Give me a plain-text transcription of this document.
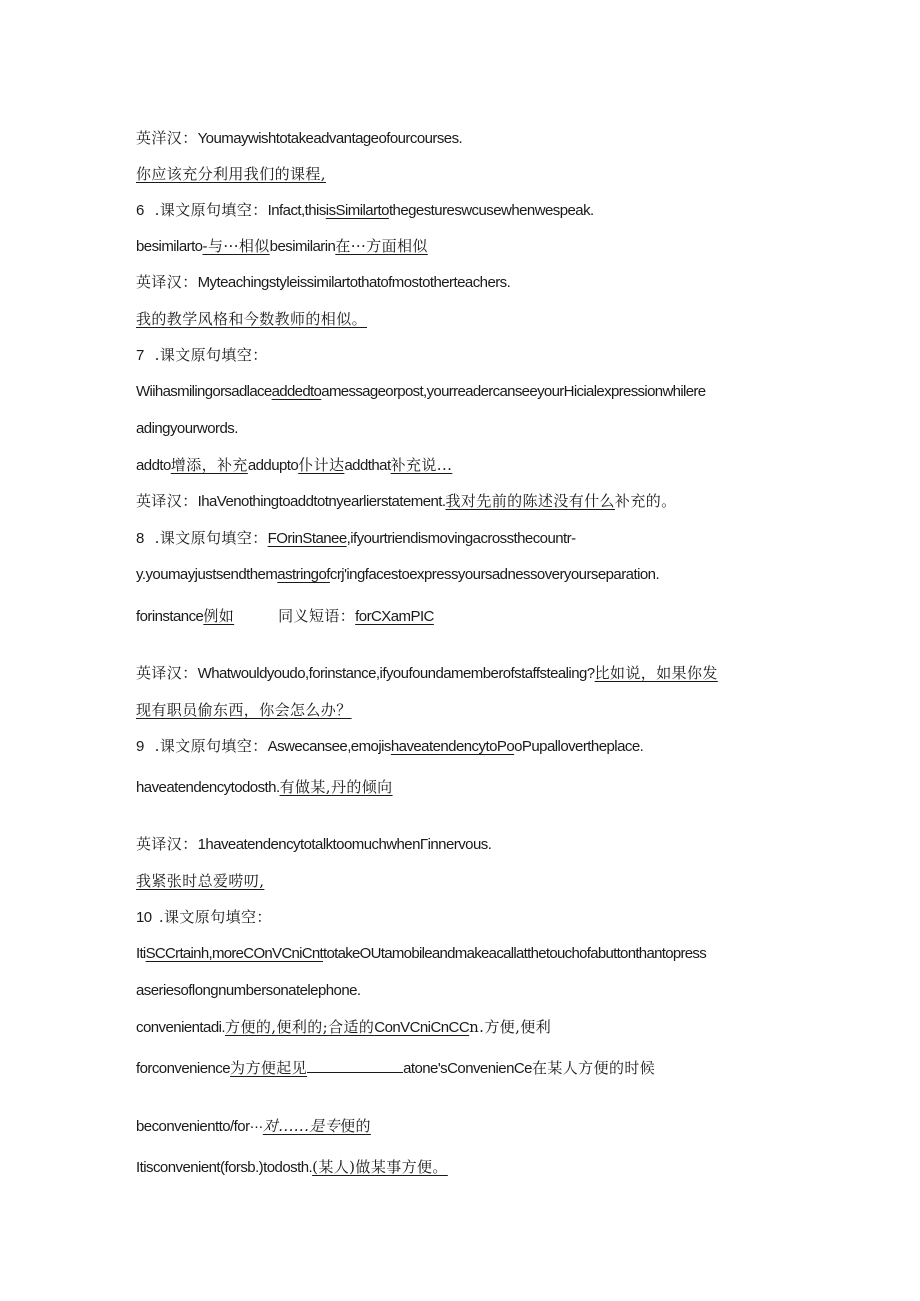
英洋汉：Youmaywishtotakeadvantageofourcourses.
你应该充分利用我们的课程,
6 .课文原句填空：Infact,thisisSimilartothegestureswcusewhenwespeak.
besimilarto-与···相似besimilarin在···方面相似
英译汉：Myteachingstyleissimilartothatofmostotherteachers.
我的教学风格和今数教师的相似。
7 .课文原句填空：
Wiihasmilingorsadlaceaddedtoamessageorpost,yourreadercanseeyourHicialexpressionwhilere
adingyourwords.
addto增添，补充addupto仆计达addthat补充说...
英译汉：IhaVenothingtoaddtotnyearlierstatement.我对先前的陈述没有什么补充的。
8 .课文原句填空：FOrinStanee,ifyourtriendismovingacrossthecountr-
y.youmayjustsendthemastringofcrj'ingfacestoexpressyoursadnessoveryourseparation.
forinstance例如	同义短语：forCXamPIC
英译汉：Whatwouldyoudo,forinstance,ifyoufoundamemberofstaffstealing?比如说，如果你发
现有职员偷东西，你会怎么办？
9 .课文原句填空：Aswecansee,emojishaveatendencytoPooPupallovertheplace.
haveatendencytodosth.有做某,丹的倾向
英译汉：1haveatendencytotalktoomuchwhenΓinnervous.
我紧张时总爱唠叨,
10 .课文原句填空：
ItiSCCrtainh,moreCOnVCniCnttotakeOUtamobileandmakeacallatthetouchofabuttonthantopress
aseriesoflongnumbersonatelephone.
convenientadi.方便的,便利的;合适的ConVCniCnCCn.方便,便利
forconvenience为方便起见	atone'sConvenienCe在某人方便的时候
beconvenientto/for···对......是专便的
Itisconvenient(forsb.)todosth.(某人)做某事方便。
